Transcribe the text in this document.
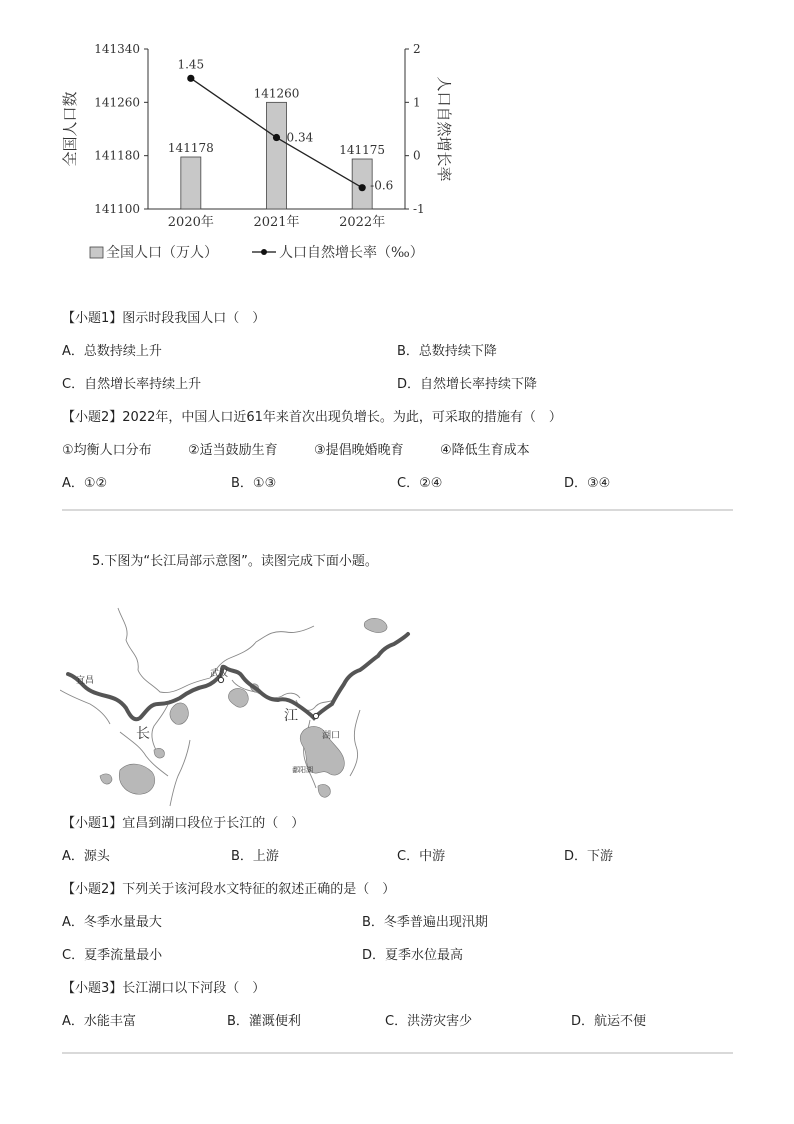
141340
141260
141180
141100
2
1
0
-1
全国人口数	人口自然增长率
2020年	2021年	2022年
141178
141260
141175
1.45
0.34
-0.6
全国人口（万人）	人口自然增长率（‰）
【小题1】图示时段我国人口（　）
A．总数持续上升	B．总数持续下降
C．自然增长率持续上升	D．自然增长率持续下降
【小题2】2022年，中国人口近61年来首次出现负增长。为此，可采取的措施有（　）
①均衡人口分布	②适当鼓励生育	③提倡晚婚晚育	④降低生育成本
A．①②	B．①③	C．②④	D．③④
5.下图为“长江局部示意图”。读图完成下面小题。
宜昌
武汉
湖口
鄱阳湖
长
江
【小题1】宜昌到湖口段位于长江的（　）
A．源头	B．上游	C．中游	D．下游
【小题2】下列关于该河段水文特征的叙述正确的是（　）
A．冬季水量最大	B．冬季普遍出现汛期
C．夏季流量最小	D．夏季水位最高
【小题3】长江湖口以下河段（　）
A．水能丰富	B．灌溉便利	C．洪涝灾害少	D．航运不便
